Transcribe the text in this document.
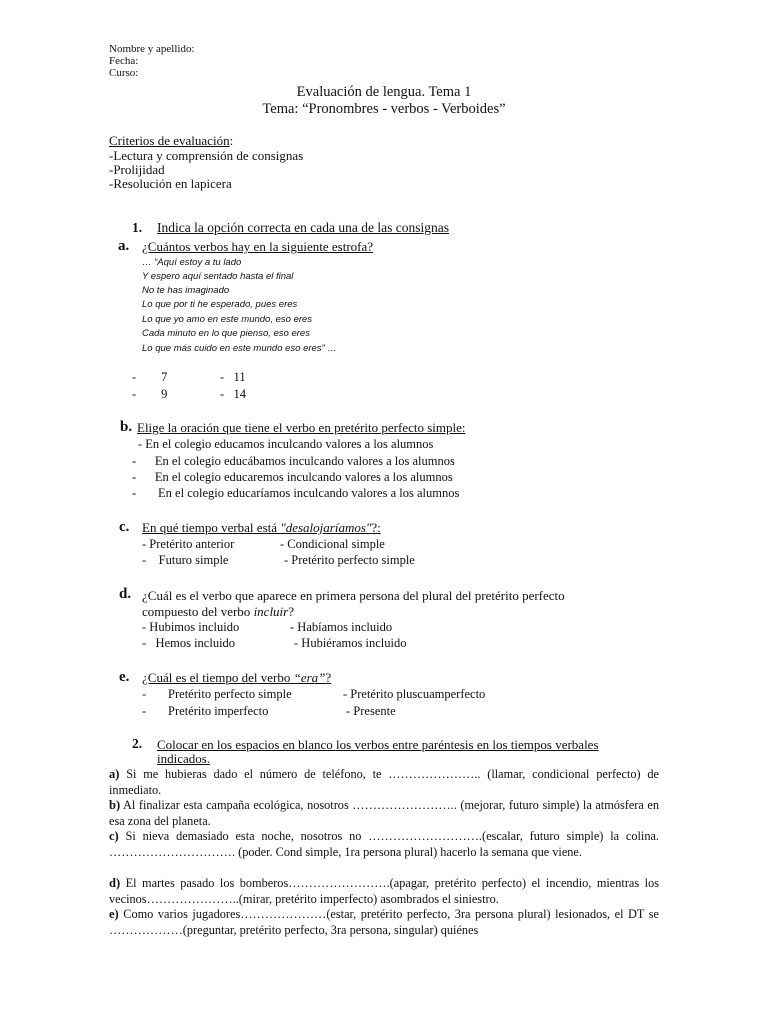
Nombre y apellido:
Fecha:
Curso:
Evaluación de lengua. Tema 1
Tema: “Pronombres - verbos - Verboides”
Criterios de evaluación:
-Lectura y comprensión de consignas
-Prolijidad
-Resolución en lapicera
1. Indica la opción correcta en cada una de las consignas
a. ¿Cuántos verbos hay en la siguiente estrofa?
… “Aquí estoy a tu lado
Y espero aquí sentado hasta el final
No te has imaginado
Lo que por ti he esperado, pues eres
Lo que yo amo en este mundo, eso eres
Cada minuto en lo que pienso, eso eres
Lo que más cuido en este mundo eso eres” …
-        7	-   11
-        9	-   14
b. Elige la oración que tiene el verbo en pretérito perfecto simple:
- En el colegio educamos inculcando valores a los alumnos
-      En el colegio educábamos inculcando valores a los alumnos
-      En el colegio educaremos inculcando valores a los alumnos
-       En el colegio educaríamos inculcando valores a los alumnos
c. En qué tiempo verbal está "desalojaríamos"?:
- Pretérito anterior	- Condicional simple
-    Futuro simple	- Pretérito perfecto simple
d. ¿Cuál es el verbo que aparece en primera persona del plural del pretérito perfecto
compuesto del verbo incluir?
- Hubimos incluido	- Habíamos incluido
-   Hemos incluido	- Hubiéramos incluido
e. ¿Cuál es el tiempo del verbo “era”?
-       Pretérito perfecto simple	- Pretérito pluscuamperfecto
-       Pretérito imperfecto	- Presente
2. Colocar en los espacios en blanco los verbos entre paréntesis en los tiempos verbales
indicados.
a) Si me hubieras dado el número de teléfono, te ………………….. (llamar, condicional perfecto) de inmediato.
b) Al finalizar esta campaña ecológica, nosotros …………………….. (mejorar, futuro simple) la atmósfera en esa zona del planeta.
c) Si nieva demasiado esta noche, nosotros no ……………………….(escalar, futuro simple) la colina. …………………………. (poder. Cond simple, 1ra persona plural) hacerlo la semana que viene.
d) El martes pasado los bomberos…………………….(apagar, pretérito perfecto) el incendio, mientras los vecinos…………………..(mirar, pretérito imperfecto) asombrados el siniestro.
e) Como varios jugadores…………………(estar, pretérito perfecto, 3ra persona plural) lesionados, el DT se ………………(preguntar, pretérito perfecto, 3ra persona, singular) quiénes
